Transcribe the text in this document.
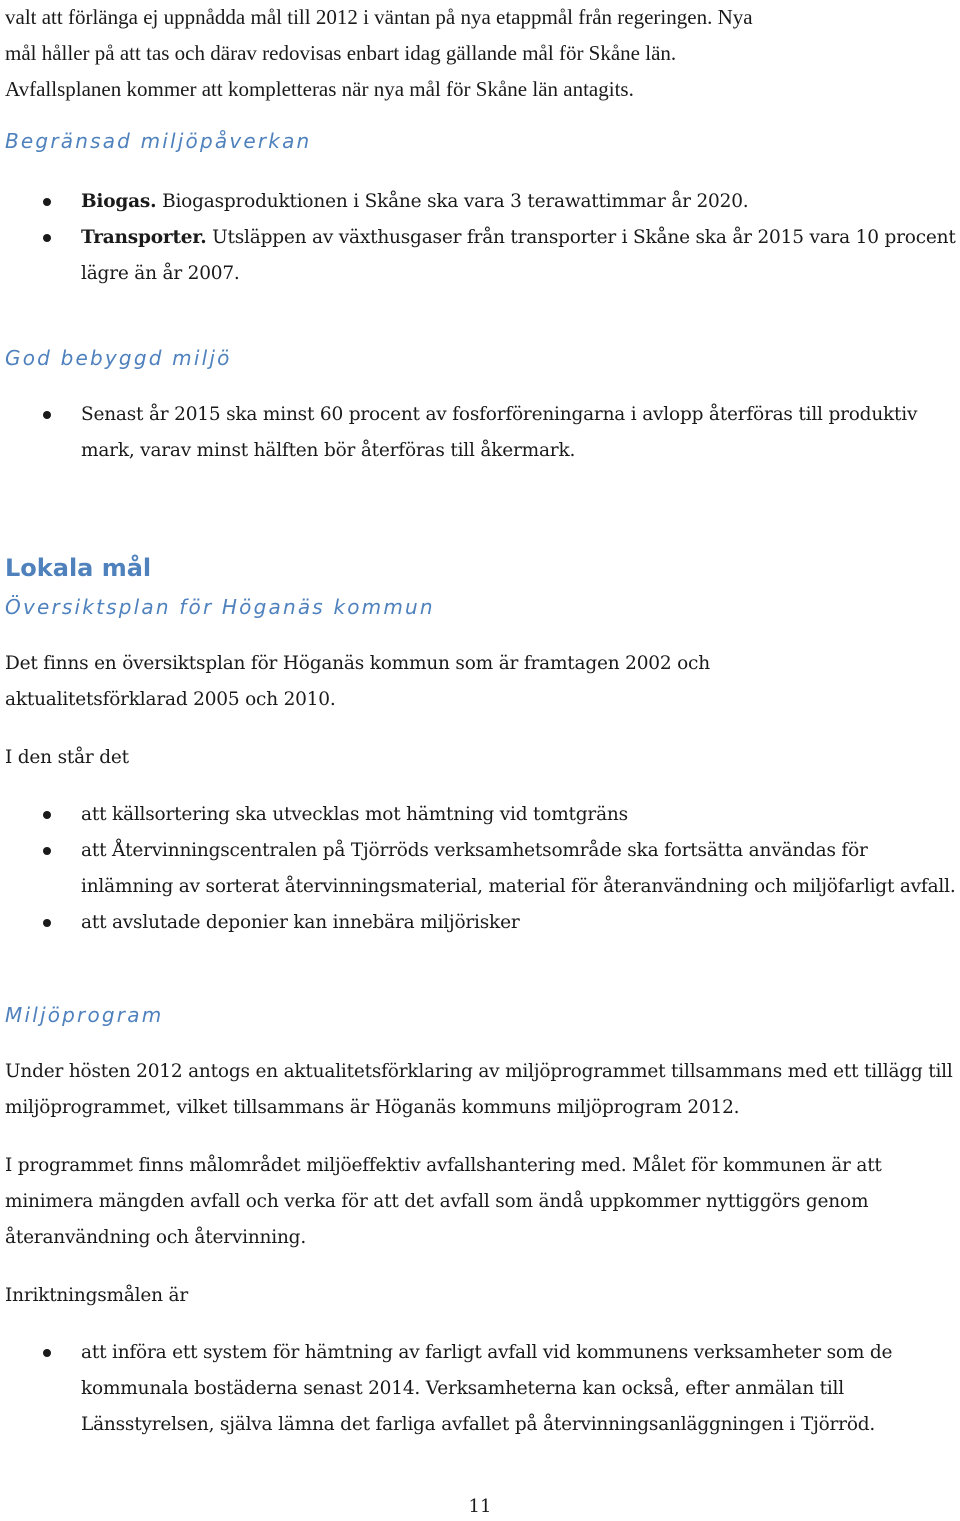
valt att förlänga ej uppnådda mål till 2012 i väntan på nya etappmål från regeringen. Nya
mål håller på att tas och därav redovisas enbart idag gällande mål för Skåne län.
Avfallsplanen kommer att kompletteras när nya mål för Skåne län antagits.
Begränsad miljöpåverkan
Biogas. Biogasproduktionen i Skåne ska vara 3 terawattimmar år 2020.
Transporter. Utsläppen av växthusgaser från transporter i Skåne ska år 2015 vara 10 procent lägre än år 2007.
God bebyggd miljö
Senast år 2015 ska minst 60 procent av fosforföreningarna i avlopp återföras till produktiv mark, varav minst hälften bör återföras till åkermark.
Lokala mål
Översiktsplan för Höganäs kommun
Det finns en översiktsplan för Höganäs kommun som är framtagen 2002 och aktualitetsförklarad 2005 och 2010.
I den står det
att källsortering ska utvecklas mot hämtning vid tomtgräns
att Återvinningscentralen på Tjörröds verksamhetsområde ska fortsätta användas för inlämning av sorterat återvinningsmaterial, material för återanvändning och miljöfarligt avfall.
att avslutade deponier kan innebära miljörisker
Miljöprogram
Under hösten 2012 antogs en aktualitetsförklaring av miljöprogrammet tillsammans med ett tillägg till miljöprogrammet, vilket tillsammans är Höganäs kommuns miljöprogram 2012.
I programmet finns målområdet miljöeffektiv avfallshantering med. Målet för kommunen är att minimera mängden avfall och verka för att det avfall som ändå uppkommer nyttiggörs genom återanvändning och återvinning.
Inriktningsmålen är
att införa ett system för hämtning av farligt avfall vid kommunens verksamheter som de kommunala bostäderna senast 2014. Verksamheterna kan också, efter anmälan till Länsstyrelsen, själva lämna det farliga avfallet på återvinningsanläggningen i Tjörröd.
11
